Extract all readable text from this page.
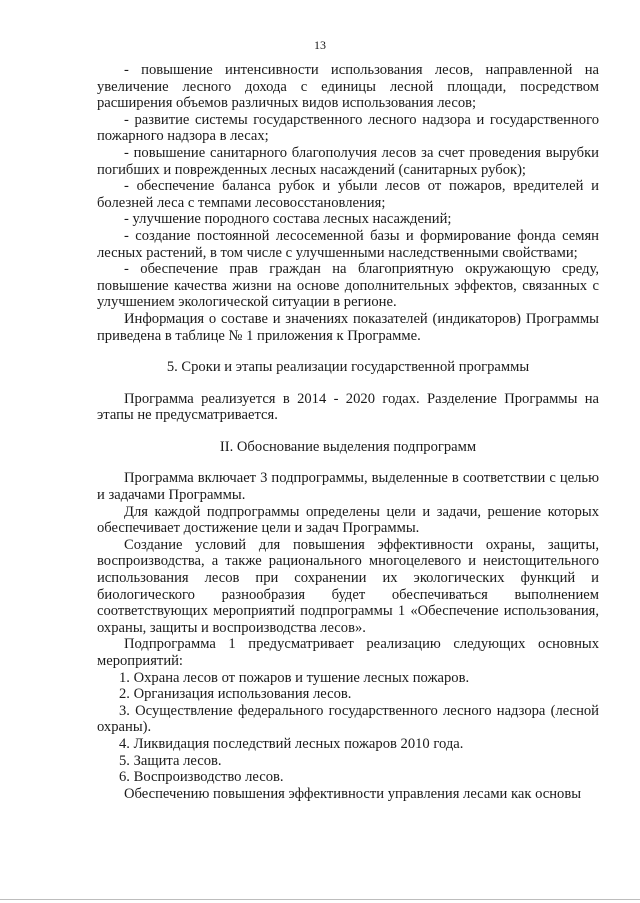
13

- повышение интенсивности использования лесов, направленной на увеличение лесного дохода с единицы лесной площади, посредством расширения объемов различных видов использования лесов;

- развитие системы государственного лесного надзора и государственного пожарного надзора в лесах;

- повышение санитарного благополучия лесов за счет проведения вырубки погибших и поврежденных лесных насаждений (санитарных рубок);

- обеспечение баланса рубок и убыли лесов от пожаров, вредителей и болезней леса с темпами лесовосстановления;

- улучшение породного состава лесных насаждений;

- создание постоянной лесосеменной базы и формирование фонда семян лесных растений, в том числе с улучшенными наследственными свойствами;

- обеспечение прав граждан на благоприятную окружающую среду, повышение качества жизни на основе дополнительных эффектов, связанных с улучшением экологической ситуации в регионе.

Информация о составе и значениях показателей (индикаторов) Программы приведена в таблице № 1 приложения к Программе.

5. Сроки и этапы реализации государственной программы

Программа реализуется в 2014 - 2020 годах. Разделение Программы на этапы не предусматривается.

II. Обоснование выделения подпрограмм

Программа включает 3 подпрограммы, выделенные в соответствии с целью и задачами Программы.

Для каждой подпрограммы определены цели и задачи, решение которых обеспечивает достижение цели и задач Программы.

Создание условий для повышения эффективности охраны, защиты, воспроизводства, а также рационального многоцелевого и неистощительного использования лесов при сохранении их экологических функций и биологического разнообразия будет обеспечиваться выполнением соответствующих мероприятий подпрограммы 1 «Обеспечение использования, охраны, защиты и воспроизводства лесов».

Подпрограмма 1 предусматривает реализацию следующих основных мероприятий:

1. Охрана лесов от пожаров и тушение лесных пожаров.

2. Организация использования лесов.

3. Осуществление федерального государственного лесного надзора (лесной охраны).

4. Ликвидация последствий лесных пожаров 2010 года.

5. Защита лесов.

6. Воспроизводство лесов.

Обеспечению повышения эффективности управления лесами как основы
